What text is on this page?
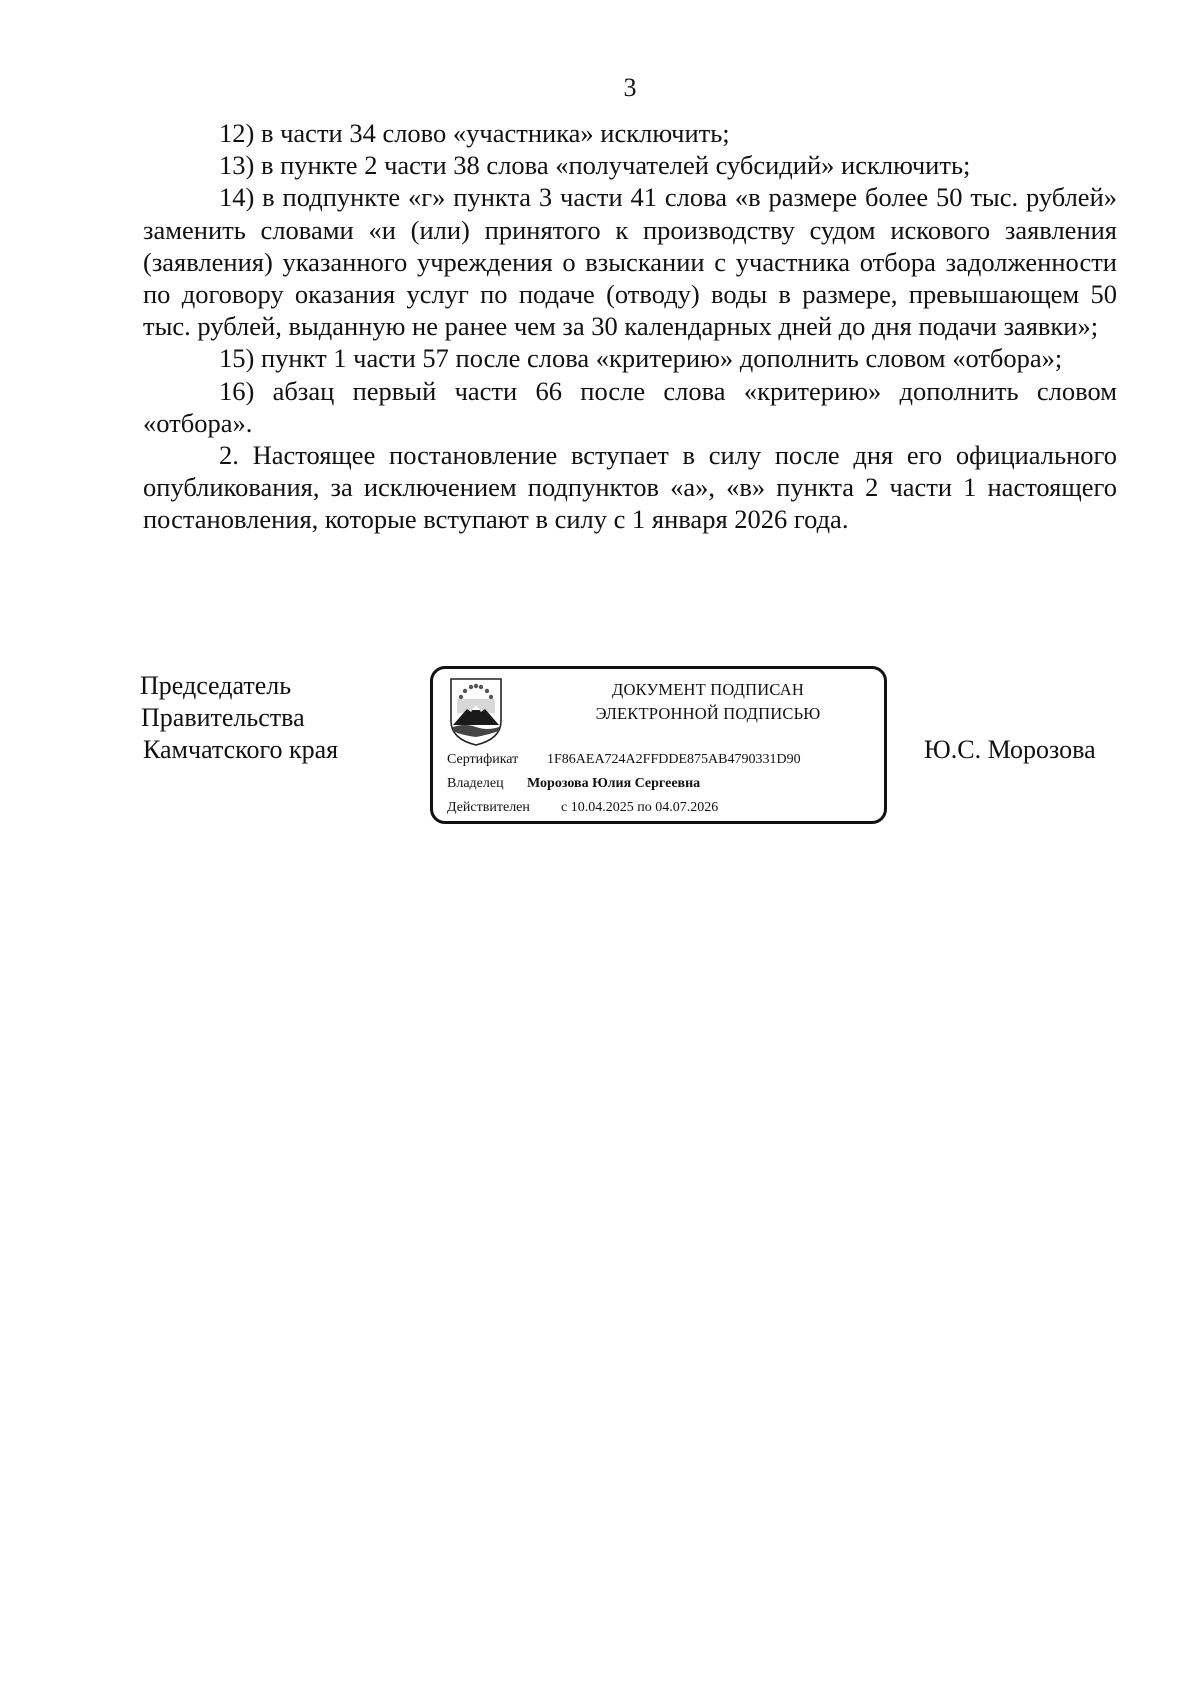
3

12) в части 34 слово «участника» исключить;

13) в пункте 2 части 38 слова «получателей субсидий» исключить;

14) в подпункте «г» пункта 3 части 41 слова «в размере более 50 тыс. рублей» заменить словами «и (или) принятого к производству судом искового заявления (заявления) указанного учреждения о взыскании с участника отбора задолженности по договору оказания услуг по подаче (отводу) воды в размере, превышающем 50 тыс. рублей, выданную не ранее чем за 30 календарных дней до дня подачи заявки»;

15) пункт 1 части 57 после слова «критерию» дополнить словом «отбора»;

16) абзац первый части 66 после слова «критерию» дополнить словом «отбора».

2. Настоящее постановление вступает в силу после дня его официального опубликования, за исключением подпунктов «а», «в» пункта 2 части 1 настоящего постановления, которые вступают в силу с 1 января 2026 года.

Председатель
Правительства
Камчатского края
ДОКУМЕНТ ПОДПИСАН
ЭЛЕКТРОННОЙ ПОДПИСЬЮ
Сертификат 1F86AEA724A2FFDDE875AB4790331D90
Владелец Морозова Юлия Сергеевна
Действителен с 10.04.2025 по 04.07.2026
Ю.С. Морозова
